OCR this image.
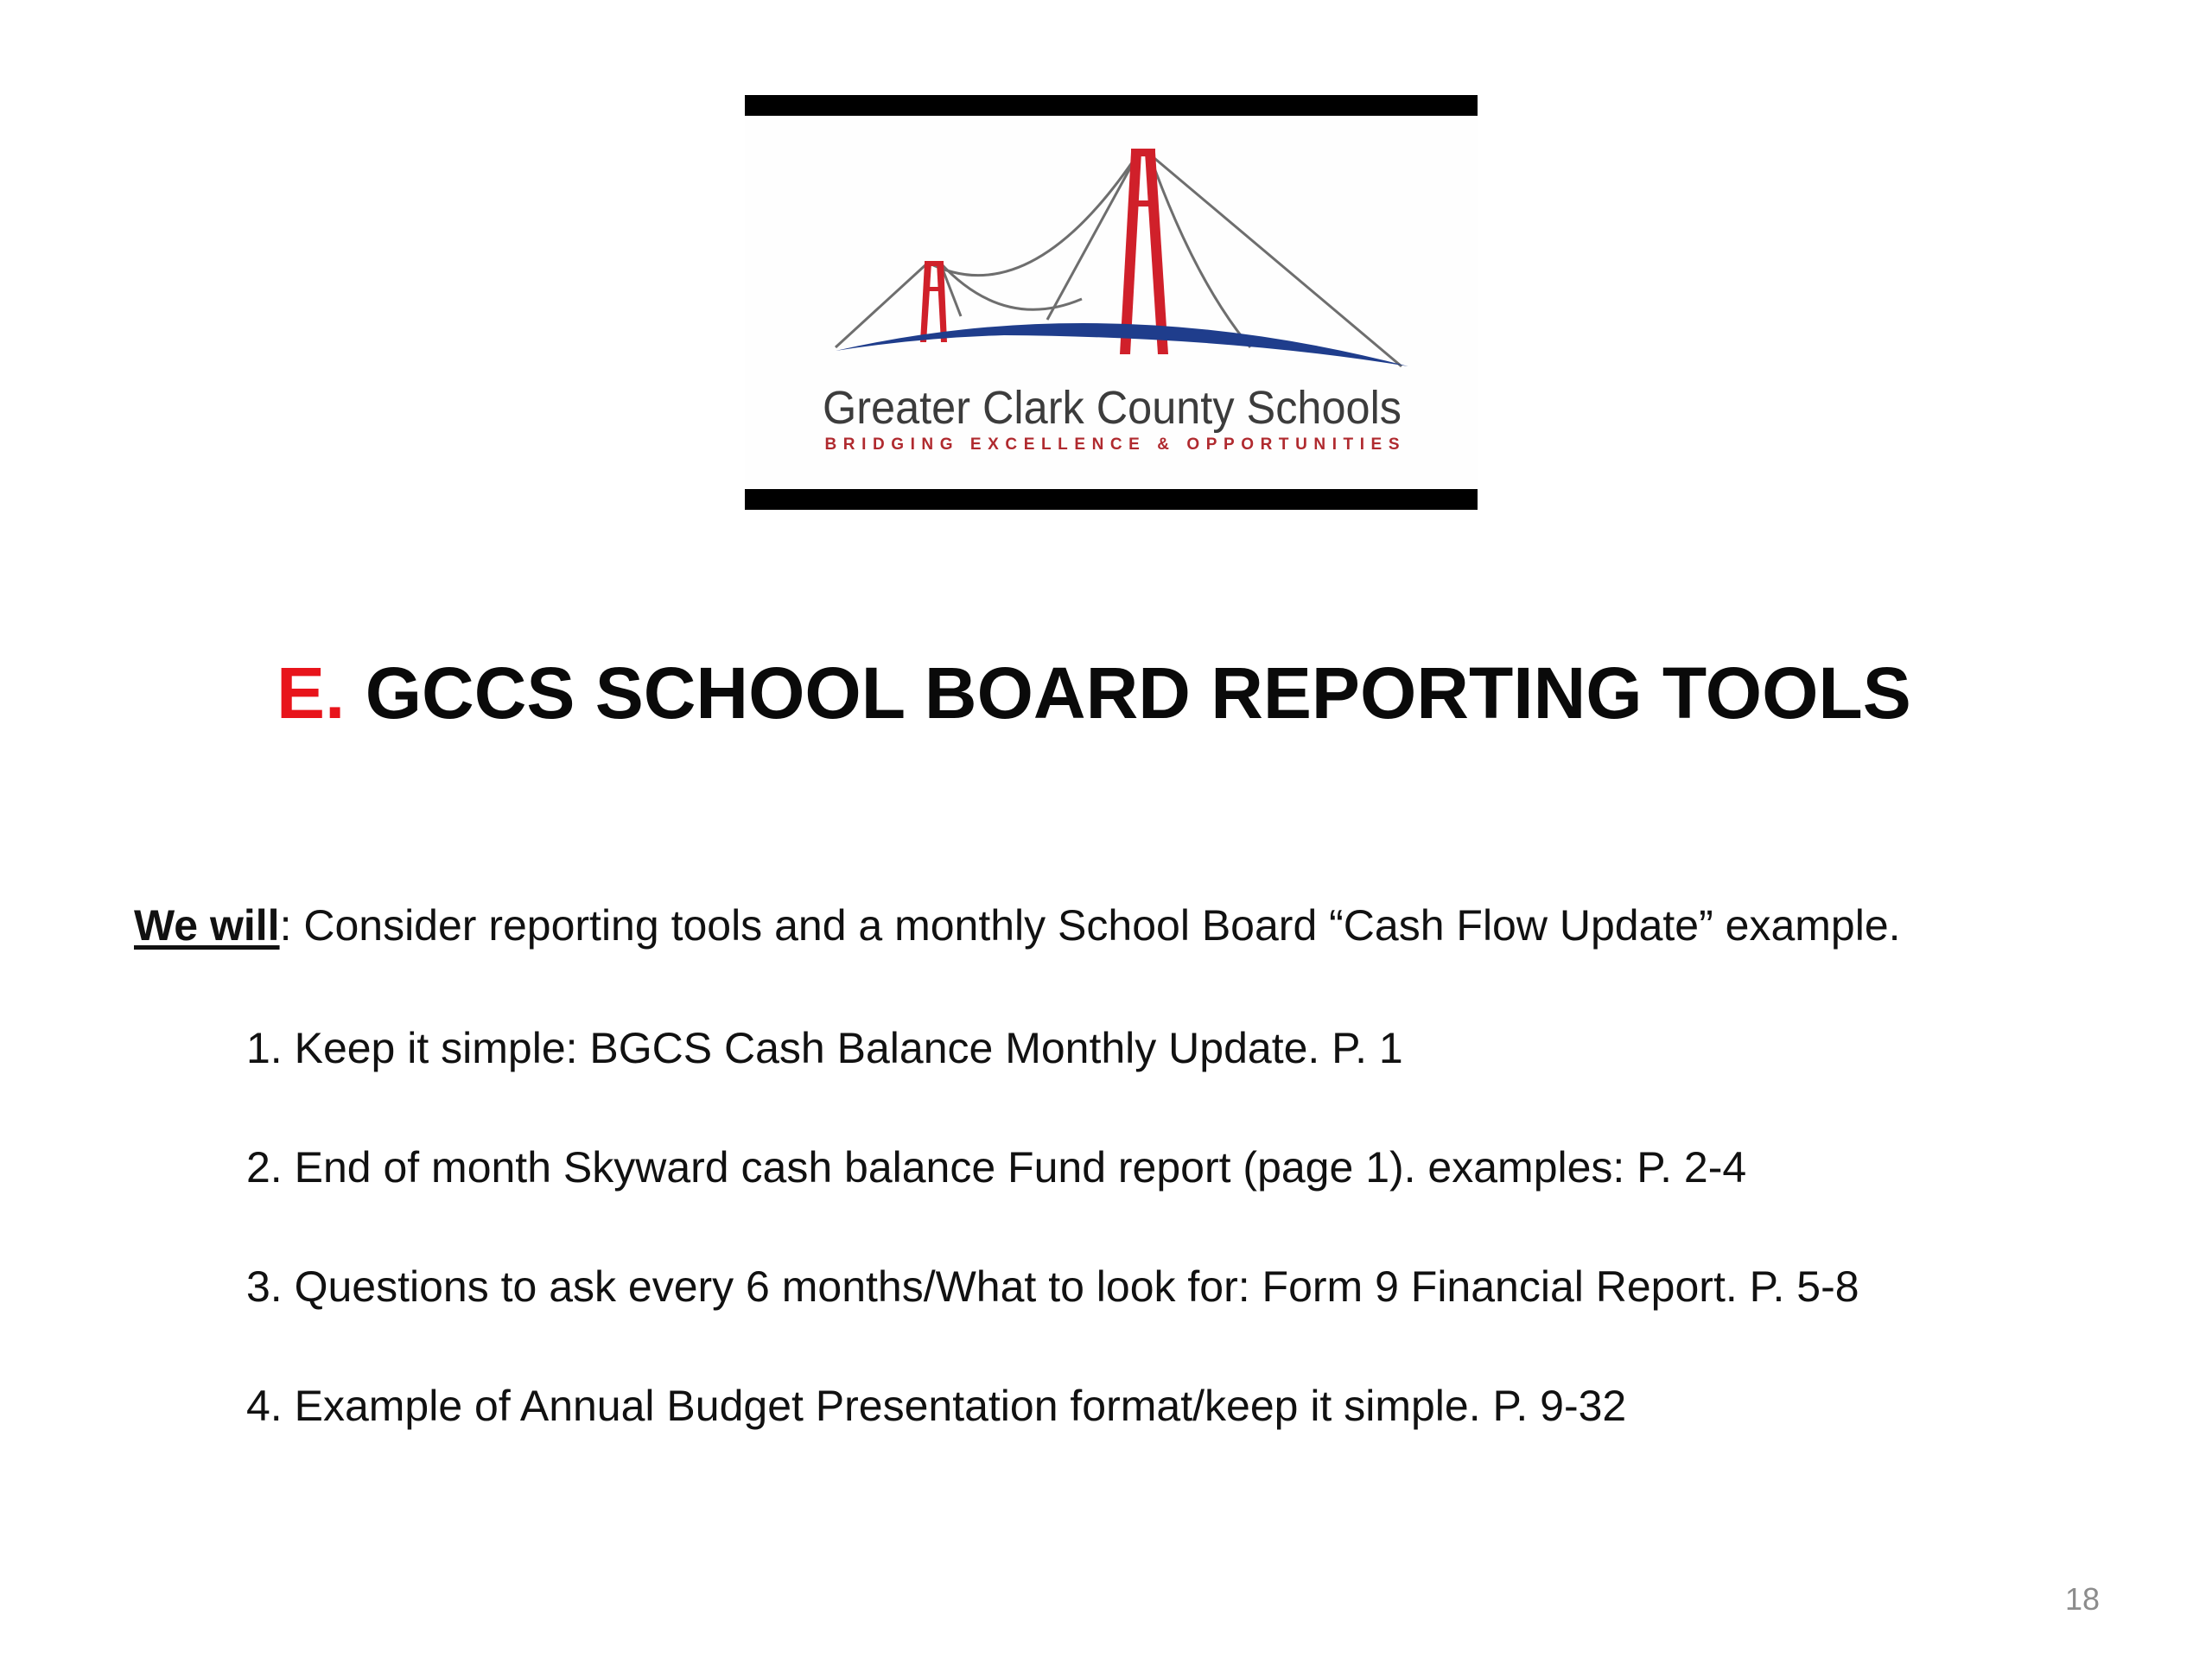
Greater Clark County Schools
BRIDGING EXCELLENCE & OPPORTUNITIES
E. GCCS SCHOOL BOARD REPORTING TOOLS

We will: Consider reporting tools and a monthly School Board “Cash Flow Update” example.

1. Keep it simple: BGCS Cash Balance Monthly Update. P. 1
2. End of month Skyward cash balance Fund report (page 1). examples: P. 2-4
3. Questions to ask every 6 months/What to look for: Form 9 Financial Report. P. 5-8
4. Example of Annual Budget Presentation format/keep it simple. P. 9-32
18
